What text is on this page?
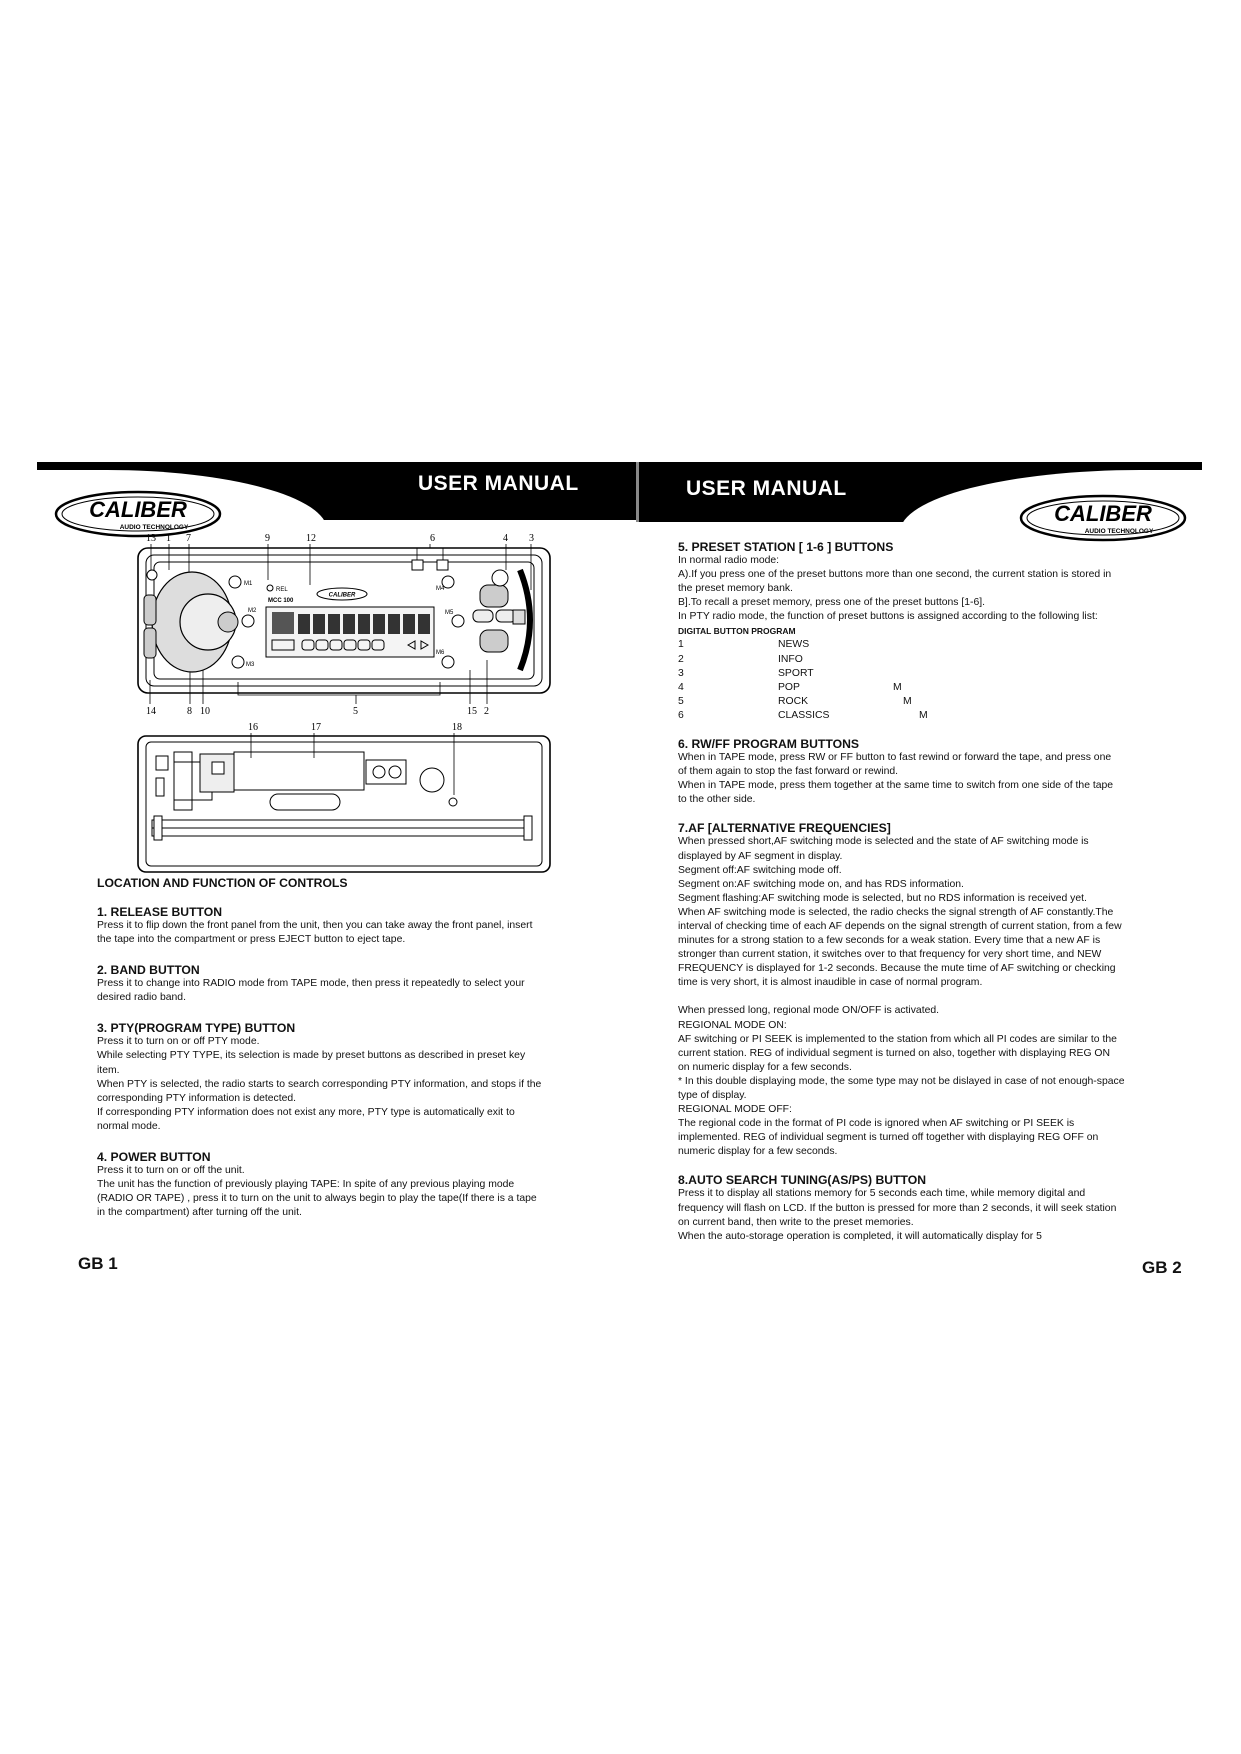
USER MANUAL	USER MANUAL
CALIBER
AUDIO TECHNOLOGY
CALIBER
AUDIO TECHNOLOGY
13 1 7	9	12	6	4 3
14	8 10	5	15 2
16	17	18
M1
M2
M3
M4
M5
M6
REL
MCC 100
CALIBER

LOCATION AND FUNCTION OF CONTROLS

1. RELEASE BUTTON

Press it to flip down the front panel from the unit, then you can take away the front panel, insert

the tape into the compartment or press EJECT button to eject tape.

2. BAND BUTTON

Press it to change into RADIO mode from TAPE mode, then press it repeatedly to select your

desired radio band.

3. PTY(PROGRAM TYPE) BUTTON

Press it to turn on or off PTY mode.

While selecting PTY TYPE, its selection is made by preset buttons as described in preset key

item.

When PTY is selected, the radio starts to search corresponding PTY information, and stops if the

corresponding PTY information is detected.

If corresponding PTY information does not exist any more, PTY type is automatically exit to

normal mode.

4. POWER BUTTON

Press it to turn on or off the unit.

The unit has the function of previously playing TAPE: In spite of any previous playing mode

(RADIO OR TAPE) , press it to turn on the unit to always begin to play the tape(If there is a tape

in the compartment) after turning off the unit.

GB 1

5. PRESET STATION [ 1-6 ] BUTTONS

In normal radio mode:

A).If you press one of the preset buttons more than one second, the current station is stored in

the preset memory bank.

B].To recall a preset memory, press one of the preset buttons [1-6].

In PTY radio mode, the function of preset buttons is assigned according to the following list:

DIGITAL BUTTON PROGRAM

1	NEWS	
2	INFO	
3	SPORT	
4	POP	M
5	ROCK	M
6	CLASSICS	M

6. RW/FF PROGRAM BUTTONS

When in TAPE mode, press RW or FF button to fast rewind or forward the tape, and press one

of them again to stop the fast forward or rewind.

When in TAPE mode, press them together at the same time to switch from one side of the tape

to the other side.

7.AF [ALTERNATIVE FREQUENCIES]

When pressed short,AF switching mode is selected and the state of AF switching mode is

displayed by AF segment in display.

Segment off:AF switching mode off.

Segment on:AF switching mode on, and has RDS information.

Segment flashing:AF switching mode is selected, but no RDS information is received yet.

When AF switching mode is selected, the radio checks the signal strength of AF constantly.The

interval of checking time of each AF depends on the signal strength of current station, from a few

minutes for a strong station to a few seconds for a weak station. Every time that a new AF is

stronger than current station, it switches over to that frequency for very short time, and NEW

FREQUENCY is displayed for 1-2 seconds. Because the mute time of AF switching or checking

time is very short, it is almost inaudible in case of normal program.

When pressed long, regional mode ON/OFF is activated.

REGIONAL MODE ON:

AF switching or PI SEEK is implemented to the station from which all PI codes are similar to the

current station. REG of individual segment is turned on also, together with displaying REG ON

on numeric display for a few seconds.

* In this double displaying mode, the some type may not be dislayed in case of not enough-space

type of display.

REGIONAL MODE OFF:

The regional code in the format of PI code is ignored when AF switching or PI SEEK is

implemented. REG of individual segment is turned off together with displaying REG OFF on

numeric display for a few seconds.

8.AUTO SEARCH TUNING(AS/PS) BUTTON

Press it to display all stations memory for 5 seconds each time, while memory digital and

frequency will flash on LCD. If the button is pressed for more than 2 seconds, it will seek station

on current band, then write to the preset memories.

When the auto-storage operation is completed, it will automatically display for 5

GB 2
